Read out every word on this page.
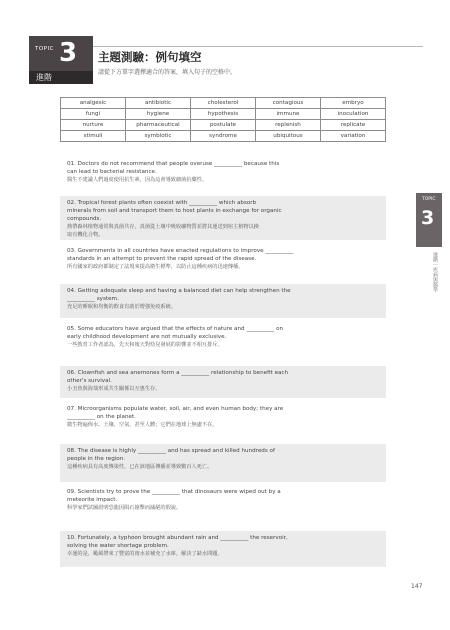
TOPIC 3
進階
主題測驗：例句填空
請從下方單字選擇適合的答案，填入句子的空格中。
analgesic	antibiotic	cholesterol	contagious	embryo
fungi	hygiene	hypothesis	immune	inoculation
nurture	pharmaceutical	postulate	replenish	replicate
stimuli	symbiotic	syndrome	ubiquitous	variation
01. Doctors do not recommend that people overuse __________ because this
can lead to bacterial resistance.
醫生不建議人們過度使用抗生素，因為這會導致細菌抗藥性。
02. Tropical forest plants often coexist with __________ which absorb
minerals from soil and transport them to host plants in exchange for organic
compounds.
熱帶森林植物通常與真菌共存，真菌從土壤中吸收礦物質並將其運送到宿主植物以換
取有機化合物。
03. Governments in all countries have enacted regulations to improve __________
standards in an attempt to prevent the rapid spread of the disease.
所有國家的政府都制定了法規來提高衛生標準，以防止這種疾病的迅速傳播。
04. Getting adequate sleep and having a balanced diet can help strengthen the
__________ system.
充足的睡眠和均衡的飲食有助於增強免疫系統。
05. Some educators have argued that the effects of nature and __________ on
early childhood development are not mutually exclusive.
一些教育工作者認為，先天和後天對幼兒發展的影響並不相互排斥。
06. Clownfish and sea anemones form a __________ relationship to benefit each
other's survival.
小丑魚與海葵形成共生關係以互惠生存。
07. Microorganisms populate water, soil, air, and even human body; they are
__________ on the planet.
微生物遍佈水、土壤、空氣，甚至人體；它們在地球上無處不在。
08. The disease is highly __________ and has spread and killed hundreds of
people in the region.
這種疾病具有高度傳染性，已在該地區傳播並導致數百人死亡。
09. Scientists try to prove the __________ that dinosaurs were wiped out by a
meteorite impact.
科學家們試圖證明恐龍因隕石撞擊而滅絕的假說。
10. Fortunately, a typhoon brought abundant rain and __________ the reservoir,
solving the water shortage problem.
幸運的是，颱風帶來了豐富的雨水並補充了水庫，解決了缺水問題。
TOPIC
3
進階｜疾病與醫學
147
